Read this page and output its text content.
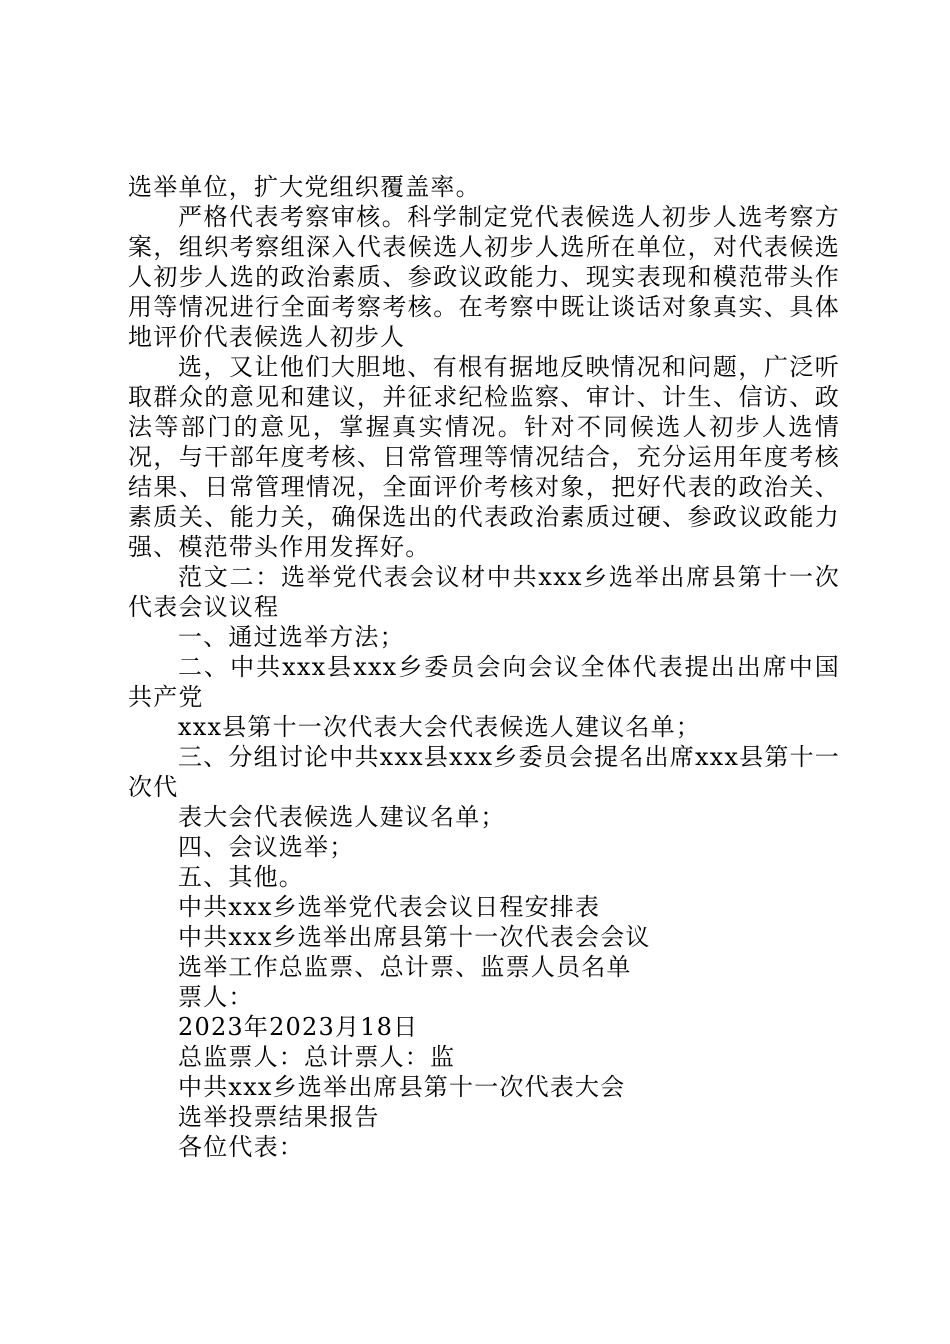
选举单位，扩大党组织覆盖率。

严格代表考察审核。科学制定党代表候选人初步人选考察方案，组织考察组深入代表候选人初步人选所在单位，对代表候选人初步人选的政治素质、参政议政能力、现实表现和模范带头作用等情况进行全面考察考核。在考察中既让谈话对象真实、具体地评价代表候选人初步人

选，又让他们大胆地、有根有据地反映情况和问题，广泛听取群众的意见和建议，并征求纪检监察、审计、计生、信访、政法等部门的意见，掌握真实情况。针对不同候选人初步人选情况，与干部年度考核、日常管理等情况结合，充分运用年度考核结果、日常管理情况，全面评价考核对象，把好代表的政治关、素质关、能力关，确保选出的代表政治素质过硬、参政议政能力强、模范带头作用发挥好。

范文二：选举党代表会议材中共xxx乡选举出席县第十一次代表会议议程

一、通过选举方法；

二、中共xxx县xxx乡委员会向会议全体代表提出出席中国共产党

xxx县第十一次代表大会代表候选人建议名单；

三、分组讨论中共xxx县xxx乡委员会提名出席xxx县第十一次代

表大会代表候选人建议名单；

四、会议选举；

五、其他。

中共xxx乡选举党代表会议日程安排表

中共xxx乡选举出席县第十一次代表会会议

选举工作总监票、总计票、监票人员名单

票人：

2023年2023月18日

总监票人：总计票人：监

中共xxx乡选举出席县第十一次代表大会

选举投票结果报告

各位代表：
